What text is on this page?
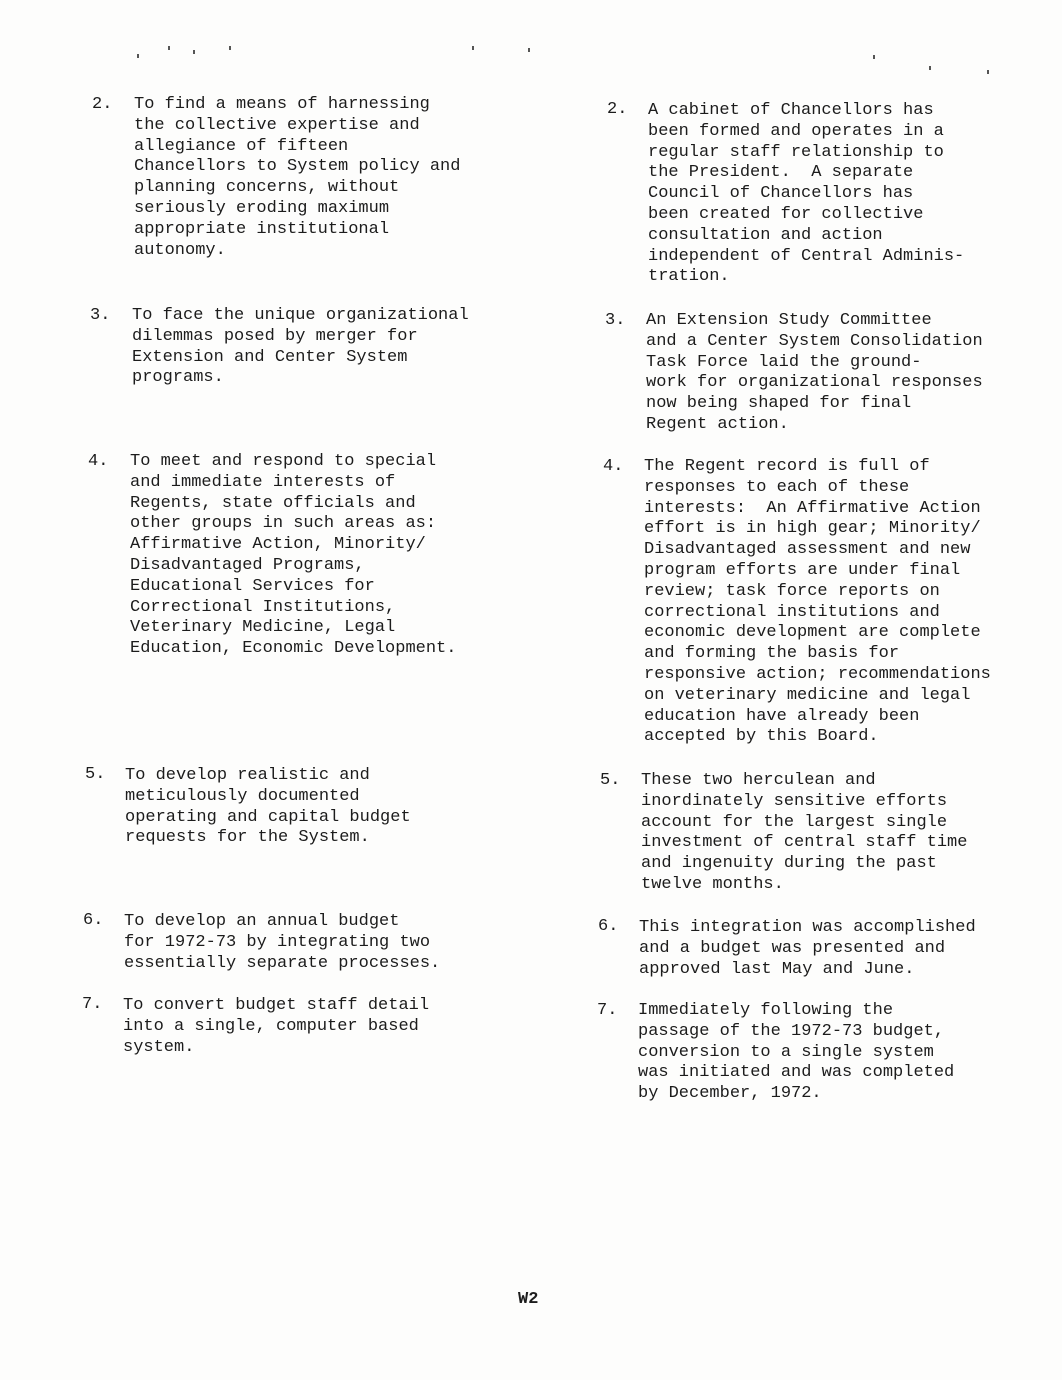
2. To find a means of harnessing
the collective expertise and
allegiance of fifteen
Chancellors to System policy and
planning concerns, without
seriously eroding maximum
appropriate institutional
autonomy.
3. To face the unique organizational
dilemmas posed by merger for
Extension and Center System
programs.
4. To meet and respond to special
and immediate interests of
Regents, state officials and
other groups in such areas as:
Affirmative Action, Minority/
Disadvantaged Programs,
Educational Services for
Correctional Institutions,
Veterinary Medicine, Legal
Education, Economic Development.
5. To develop realistic and
meticulously documented
operating and capital budget
requests for the System.
6. To develop an annual budget
for 1972-73 by integrating two
essentially separate processes.
7. To convert budget staff detail
into a single, computer based
system.
2. A cabinet of Chancellors has
been formed and operates in a
regular staff relationship to
the President.  A separate
Council of Chancellors has
been created for collective
consultation and action
independent of Central Adminis-
tration.
3. An Extension Study Committee
and a Center System Consolidation
Task Force laid the ground-
work for organizational responses
now being shaped for final
Regent action.
4. The Regent record is full of
responses to each of these
interests:  An Affirmative Action
effort is in high gear; Minority/
Disadvantaged assessment and new
program efforts are under final
review; task force reports on
correctional institutions and
economic development are complete
and forming the basis for
responsive action; recommendations
on veterinary medicine and legal
education have already been
accepted by this Board.
5. These two herculean and
inordinately sensitive efforts
account for the largest single
investment of central staff time
and ingenuity during the past
twelve months.
6. This integration was accomplished
and a budget was presented and
approved last May and June.
7. Immediately following the
passage of the 1972-73 budget,
conversion to a single system
was initiated and was completed
by December, 1972.
W2
